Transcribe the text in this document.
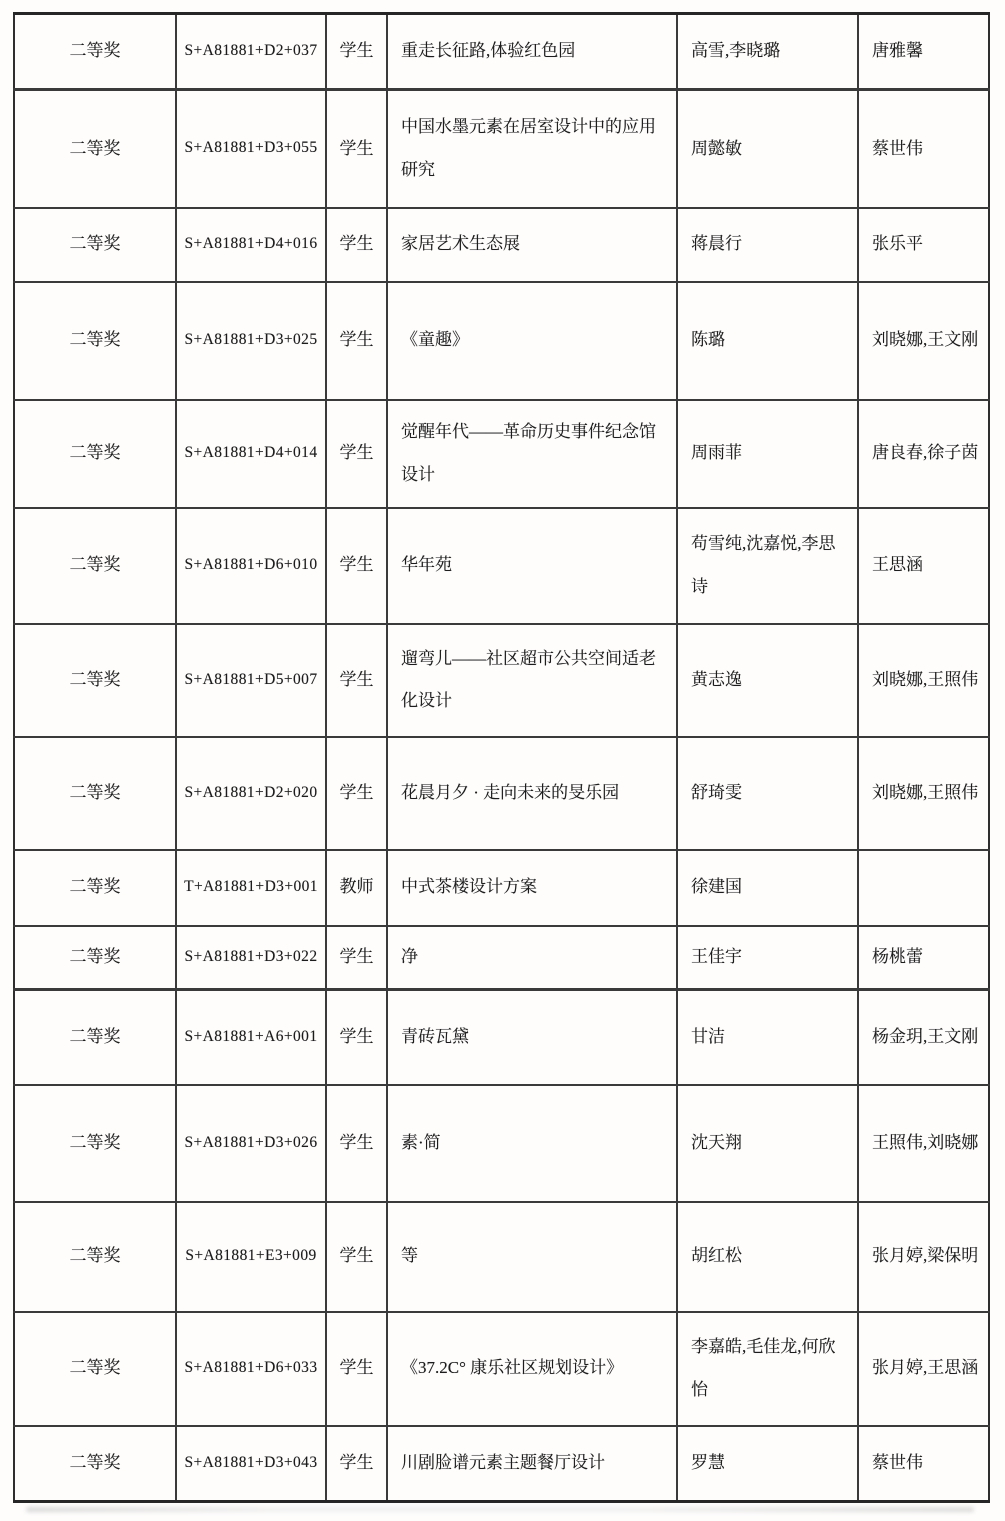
二等奖	S+A81881+D2+037	学生	重走长征路,体验红色园	高雪,李晓璐	唐雅馨
二等奖	S+A81881+D3+055	学生	中国水墨元素在居室设计中的应用研究	周懿敏	蔡世伟
二等奖	S+A81881+D4+016	学生	家居艺术生态展	蒋晨行	张乐平
二等奖	S+A81881+D3+025	学生	《童趣》	陈璐	刘晓娜,王文刚
二等奖	S+A81881+D4+014	学生	觉醒年代——革命历史事件纪念馆设计	周雨菲	唐良春,徐子茵
二等奖	S+A81881+D6+010	学生	华年苑	苟雪纯,沈嘉悦,李思诗	王思涵
二等奖	S+A81881+D5+007	学生	遛弯儿——社区超市公共空间适老化设计	黄志逸	刘晓娜,王照伟
二等奖	S+A81881+D2+020	学生	花晨月夕 · 走向未来的旻乐园	舒琦雯	刘晓娜,王照伟
二等奖	T+A81881+D3+001	教师	中式茶楼设计方案	徐建国	
二等奖	S+A81881+D3+022	学生	净	王佳宇	杨桃蕾
二等奖	S+A81881+A6+001	学生	青砖瓦黛	甘洁	杨金玥,王文刚
二等奖	S+A81881+D3+026	学生	素·简	沈天翔	王照伟,刘晓娜
二等奖	S+A81881+E3+009	学生	等	胡红松	张月婷,梁保明
二等奖	S+A81881+D6+033	学生	《37.2C° 康乐社区规划设计》	李嘉皓,毛佳龙,何欣怡	张月婷,王思涵
二等奖	S+A81881+D3+043	学生	川剧脸谱元素主题餐厅设计	罗慧	蔡世伟
